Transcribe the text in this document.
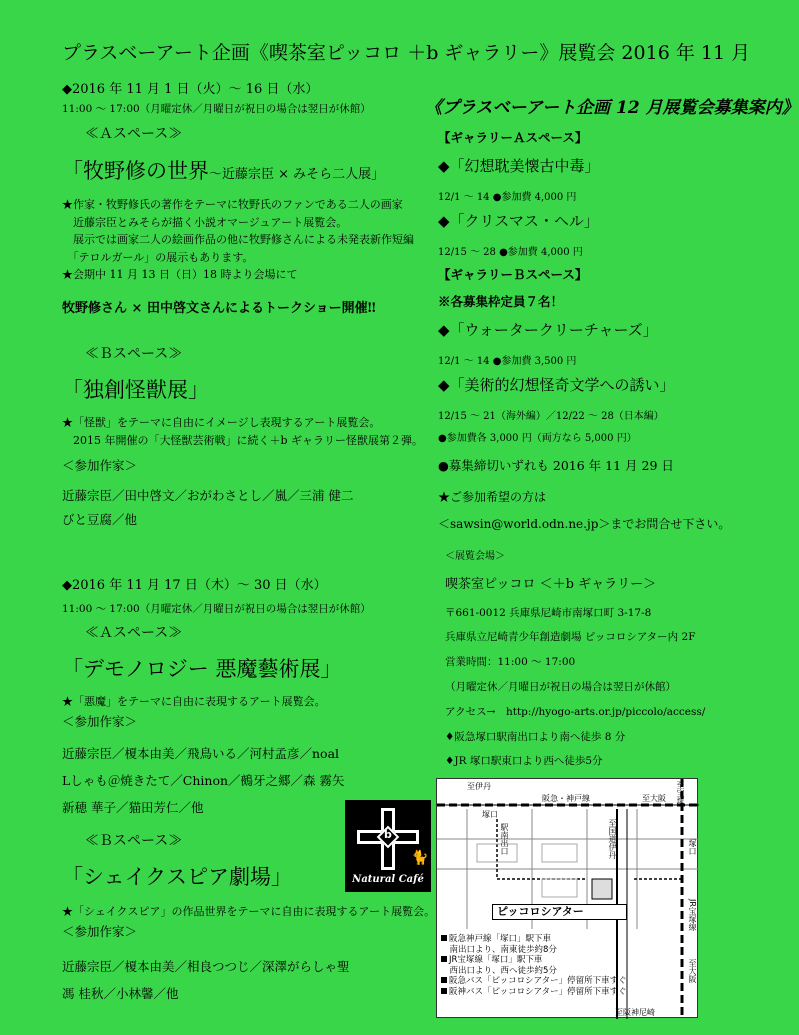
プラスベーアート企画《喫茶室ピッコロ ＋b ギャラリー》展覧会 2016 年 11 月
◆2016 年 11 月 1 日（火）〜 16 日（水）
11:00 〜 17:00（月曜定休／月曜日が祝日の場合は翌日が休館）
≪Ａスペース≫
「牧野修の世界〜近藤宗臣 × みそら二人展」
★作家・牧野修氏の著作をテーマに牧野氏のファンである二人の画家
　近藤宗臣とみそらが描く小説オマージュアート展覧会。
　展示では画家二人の絵画作品の他に牧野修さんによる未発表新作短編
　「テロルガール」の展示もあります。
★会期中 11 月 13 日（日）18 時より会場にて
牧野修さん × 田中啓文さんによるトークショー開催‼
≪Ｂスペース≫
「独創怪獣展」
★「怪獣」をテーマに自由にイメージし表現するアート展覧会。
　2015 年開催の「大怪獣芸術戦」に続く＋b ギャラリー怪獣展第２弾。
＜参加作家＞
近藤宗臣／田中啓文／おがわさとし／嵐／三浦 健二
びと豆腐／他
◆2016 年 11 月 17 日（木）〜 30 日（水）
11:00 〜 17:00（月曜定休／月曜日が祝日の場合は翌日が休館）
≪Ａスペース≫
「デモノロジー 悪魔藝術展」
★「悪魔」をテーマに自由に表現するアート展覧会。
＜参加作家＞
近藤宗臣／榎本由美／飛鳥いる／河村孟彦／noal
Lしゃも＠焼きたて／Chinon／鵺牙之郷／森 霧矢
新穂 華子／猫田芳仁／他
≪Ｂスペース≫
「シェイクスピア劇場」
★「シェイクスピア」の作品世界をテーマに自由に表現するアート展覧会。
＜参加作家＞
近藤宗臣／榎本由美／相良つつじ／深澤がらしゃ聖
馮 桂秋／小林馨／他
b
🐈
Natural Café
《プラスベーアート企画 12 月展覧会募集案内》
【ギャラリーＡスペース】
◆「幻想耽美懐古中毒」
12/1 〜 14 ●参加費 4,000 円
◆「クリスマス・ヘル」
12/15 〜 28 ●参加費 4,000 円
【ギャラリーＢスペース】
※各募集枠定員７名！
◆「ウォータークリーチャーズ」
12/1 〜 14 ●参加費 3,500 円
◆「美術的幻想怪奇文学への誘い」
12/15 〜 21（海外編）／12/22 〜 28（日本編）
●参加費各 3,000 円（両方なら 5,000 円）
●募集締切いずれも 2016 年 11 月 29 日
★ご参加希望の方は
＜sawsin@world.odn.ne.jp＞までお問合せ下さい。
＜展覧会場＞
喫茶室ピッコロ ＜＋b ギャラリー＞
〒661-0012 兵庫県尼崎市南塚口町 3-17-8
兵庫県立尼崎青少年創造劇場 ピッコロシアター内 2F
営業時間：11:00 〜 17:00
（月曜定休／月曜日が祝日の場合は翌日が休館）
アクセス→　http://hyogo-arts.or.jp/piccolo/access/
♦阪急塚口駅南出口より南へ徒歩 8 分
♦JR 塚口駅東口より西へ徒歩5分
至伊丹
阪急・神戸線	至大阪 至宝塚
塚口
駅南出口	至国道伊丹	塚口
JR宝塚線
至大阪
至阪神尼崎
ピッコロシアター
阪急神戸線「塚口」駅下車
　南出口より、南東徒歩約8分
JR宝塚線「塚口」駅下車
　西出口より、西へ徒歩約5分
阪急バス「ピッコロシアター」停留所下車すぐ
阪神バス「ピッコロシアター」停留所下車すぐ
